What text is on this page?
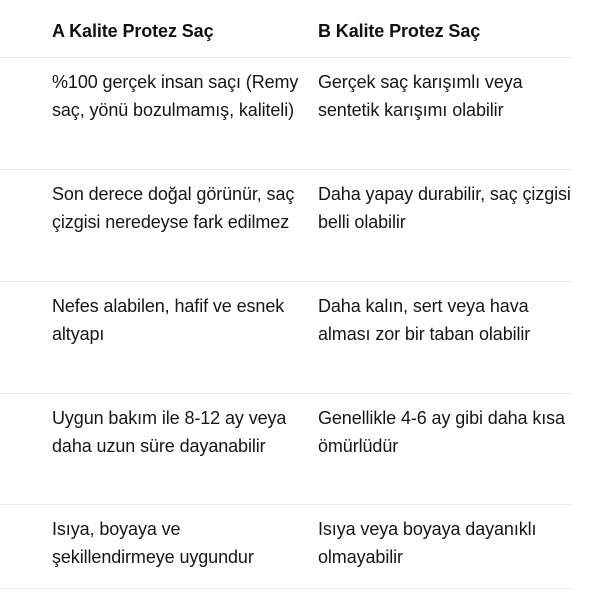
A Kalite Protez Saç	B Kalite Protez Saç
%100 gerçek insan saçı (Remy saç, yönü bozulmamış, kaliteli)
Gerçek saç karışımlı veya sentetik karışımı olabilir
Son derece doğal görünür, saç çizgisi neredeyse fark edilmez
Daha yapay durabilir, saç çizgisi belli olabilir
Nefes alabilen, hafif ve esnek altyapı
Daha kalın, sert veya hava alması zor bir taban olabilir
Uygun bakım ile 8-12 ay veya daha uzun süre dayanabilir
Genellikle 4-6 ay gibi daha kısa ömürlüdür
Isıya, boyaya ve şekillendirmeye uygundur
Isıya veya boyaya dayanıklı olmayabilir
